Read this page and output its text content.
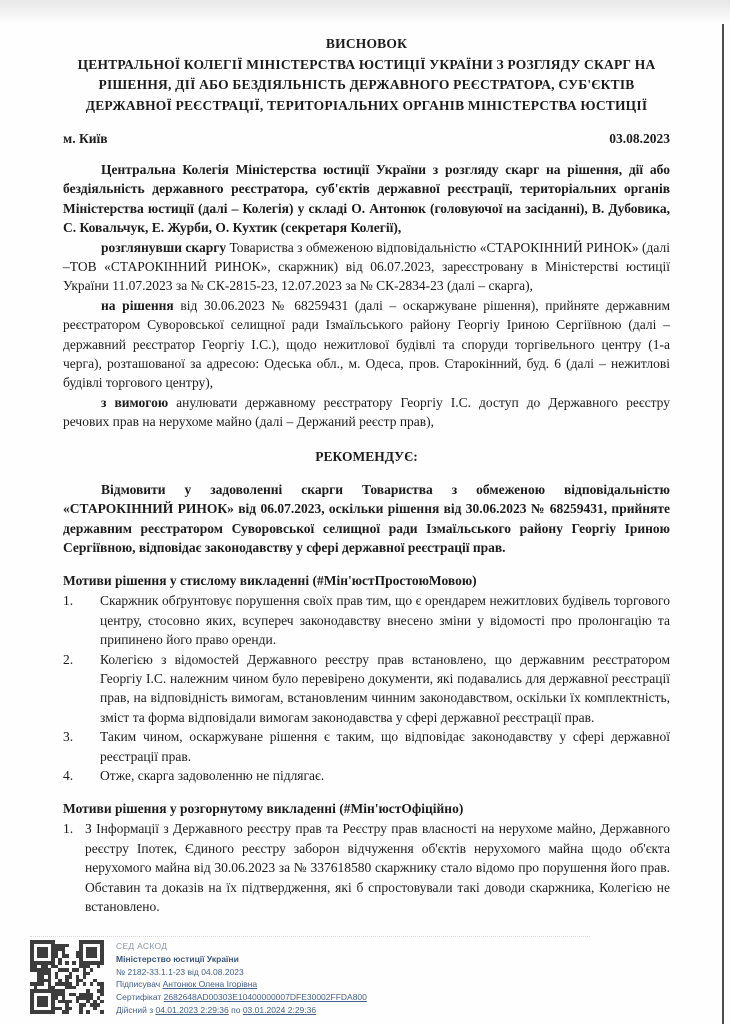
ВИСНОВОК
ЦЕНТРАЛЬНОЇ КОЛЕГІЇ МІНІСТЕРСТВА ЮСТИЦІЇ УКРАЇНИ З РОЗГЛЯДУ СКАРГ НА РІШЕННЯ, ДІЇ АБО БЕЗДІЯЛЬНІСТЬ ДЕРЖАВНОГО РЕЄСТРАТОРА, СУБ'ЄКТІВ ДЕРЖАВНОЇ РЕЄСТРАЦІЇ, ТЕРИТОРІАЛЬНИХ ОРГАНІВ МІНІСТЕРСТВА ЮСТИЦІЇ
м. Київ	03.08.2023

Центральна Колегія Міністерства юстиції України з розгляду скарг на рішення, дії або бездіяльність державного реєстратора, суб'єктів державної реєстрації, територіальних органів Міністерства юстиції (далі – Колегія) у складі О. Антонюк (головуючої на засіданні), В. Дубовика, С. Ковальчук, Е. Журби, О. Кухтик (секретаря Колегії),

розглянувши скаргу Товариства з обмеженою відповідальністю «СТАРОКІННИЙ РИНОК» (далі –ТОВ «СТАРОКІННИЙ РИНОК», скаржник) від 06.07.2023, зареєстровану в Міністерстві юстиції України 11.07.2023 за № СК-2815-23, 12.07.2023 за № СК-2834-23 (далі – скарга),

на рішення від 30.06.2023 № 68259431 (далі – оскаржуване рішення), прийняте державним реєстратором Суворовської селищної ради Ізмаїльського району Георгіу Іриною Сергіївною (далі – державний реєстратор Георгіу І.С.), щодо нежитлової будівлі та споруди торгівельного центру (1-а черга), розташованої за адресою: Одеська обл., м. Одеса, пров. Старокінний, буд. 6 (далі – нежитлові будівлі торгового центру),

з вимогою анулювати державному реєстратору Георгіу І.С. доступ до Державного реєстру речових прав на нерухоме майно (далі – Держаний реєстр прав),

РЕКОМЕНДУЄ:

Відмовити у задоволенні скарги Товариства з обмеженою відповідальністю «СТАРОКІННИЙ РИНОК» від 06.07.2023, оскільки рішення від 30.06.2023 № 68259431, прийняте державним реєстратором Суворовської селищної ради Ізмаїльського району Георгіу Іриною Сергіївною, відповідає законодавству у сфері державної реєстрації прав.

Мотиви рішення у стислому викладенні (#Мін'юстПростоюМовою)
1. Скаржник обґрунтовує порушення своїх прав тим, що є орендарем нежитлових будівель торгового центру, стосовно яких, всупереч законодавству внесено зміни у відомості про пролонгацію та припинено його право оренди.
2. Колегією з відомостей Державного реєстру прав встановлено, що державним реєстратором Георгіу І.С. належним чином було перевірено документи, які подавались для державної реєстрації прав, на відповідність вимогам, встановленим чинним законодавством, оскільки їх комплектність, зміст та форма відповідали вимогам законодавства у сфері державної реєстрації прав.
3. Таким чином, оскаржуване рішення є таким, що відповідає законодавству у сфері державної реєстрації прав.
4. Отже, скарга задоволенню не підлягає.
Мотиви рішення у розгорнутому викладенні (#Мін'юстОфіційно)
1. З Інформації з Державного реєстру прав та Реєстру прав власності на нерухоме майно, Державного реєстру Іпотек, Єдиного реєстру заборон відчуження об'єктів нерухомого майна щодо об'єкта нерухомого майна від 30.06.2023 за № 337618580 скаржнику стало відомо про порушення його прав. Обставин та доказів на їх підтвердження, які б спростовували такі доводи скаржника, Колегією не встановлено.
СЕД АСКОД
Міністерство юстиції України
№ 2182-33.1.1-23 від 04.08.2023
Підписувач Антонюк Олена Ігорівна
Сертифікат 2682648AD00303E10400000007DFE30002FFDA800
Дійсний з 04.01.2023 2:29:36 по 03.01.2024 2:29:36
